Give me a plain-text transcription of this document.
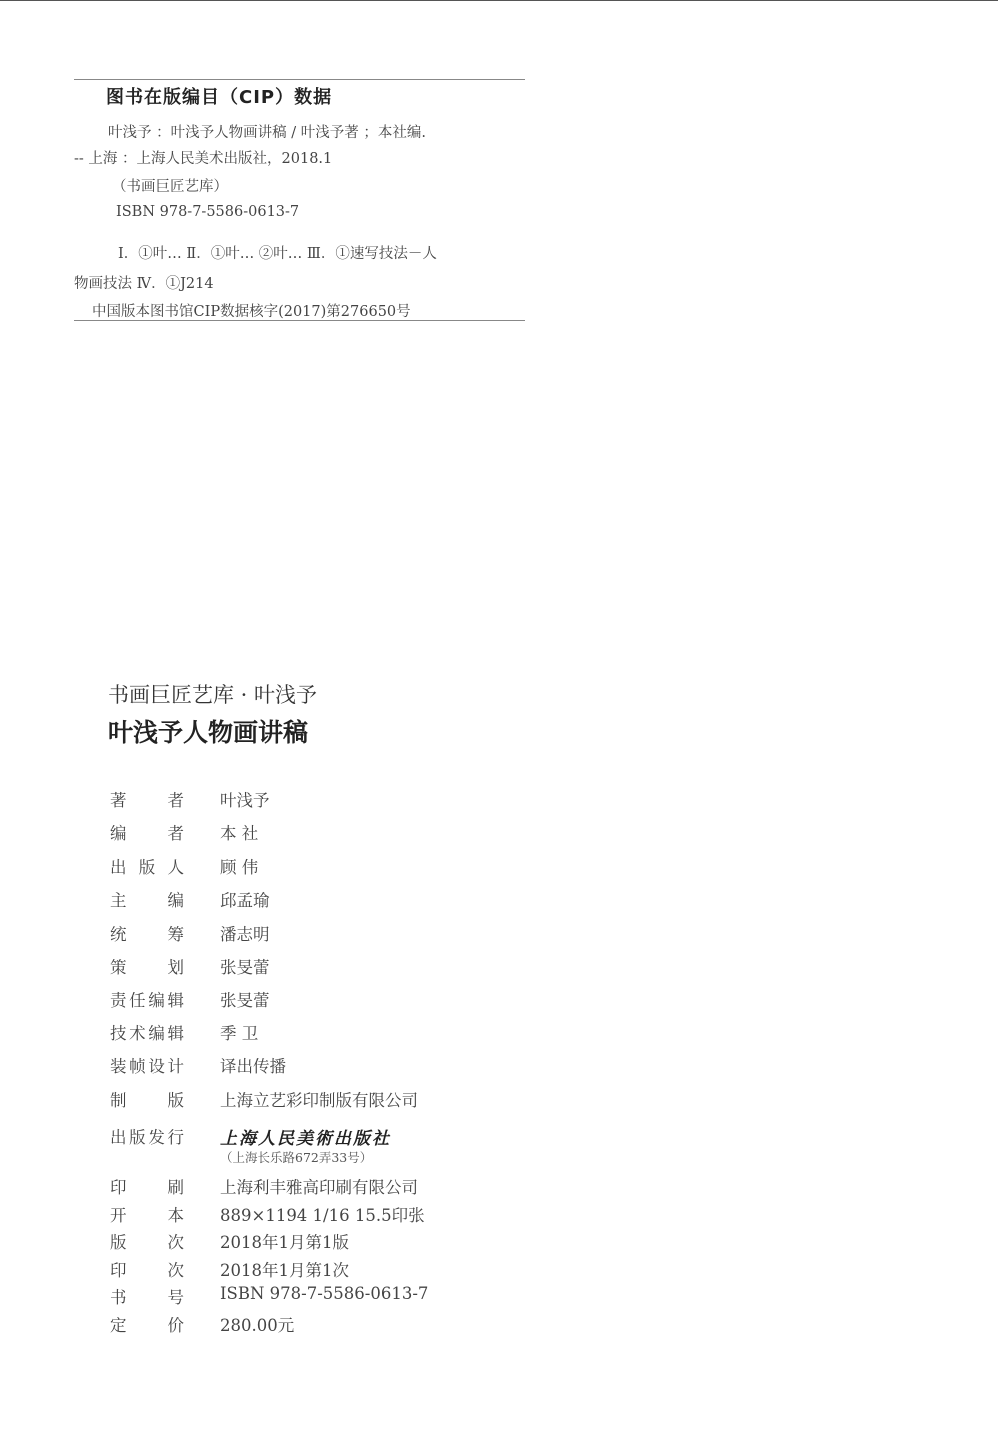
图书在版编目（CIP）数据
叶浅予 ：叶浅予人物画讲稿 / 叶浅予著 ；本社编.
-- 上海 ：上海人民美术出版社，2018.1
（书画巨匠艺库）
ISBN 978-7-5586-0613-7
Ⅰ．①叶… Ⅱ．①叶… ②叶… Ⅲ．①速写技法－人
物画技法 Ⅳ．①J214
中国版本图书馆CIP数据核字(2017)第276650号
书画巨匠艺库 · 叶浅予
叶浅予人物画讲稿
著者 叶浅予
编者 本 社
出版人 顾 伟
主编 邱孟瑜
统筹 潘志明
策划 张旻蕾
责任编辑 张旻蕾
技术编辑 季 卫
装帧设计 译出传播
制版 上海立艺彩印制版有限公司
出版发行 上海人民美術出版社
（上海长乐路672弄33号）
印刷 上海利丰雅高印刷有限公司
开本 889×1194 1/16 15.5印张
版次 2018年1月第1版
印次 2018年1月第1次
书号 ISBN 978-7-5586-0613-7
定价 280.00元
